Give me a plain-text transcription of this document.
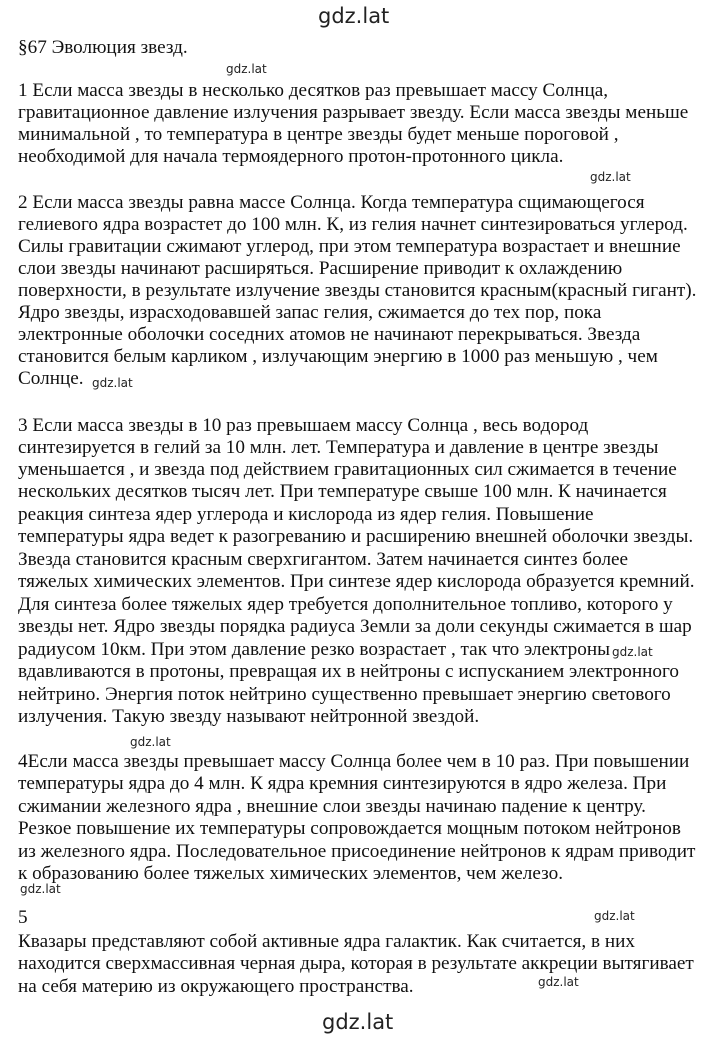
gdz.lat
gdz.lat
gdz.lat
gdz.lat
gdz.lat
gdz.lat
gdz.lat
gdz.lat
gdz.lat
gdz.lat
§67 Эволюция звезд.
1 Если масса звезды в несколько десятков раз превышает массу Солнца,
гравитационное давление излучения разрывает звезду. Если масса звезды меньше
минимальной , то температура в центре звезды будет меньше пороговой ,
необходимой для начала термоядерного протон-протонного цикла.
2 Если масса звезды равна массе Солнца. Когда температура сщимающегося
гелиевого ядра возрастет до 100 млн. К, из гелия начнет синтезироваться углерод.
Силы гравитации сжимают углерод, при этом температура возрастает и внешние
слои звезды начинают расширяться. Расширение приводит к охлаждению
поверхности, в результате излучение звезды становится красным(красный гигант).
Ядро звезды, израсходовавшей запас гелия, сжимается до тех пор, пока
электронные оболочки соседних атомов не начинают перекрываться. Звезда
становится белым карликом , излучающим энергию в 1000 раз меньшую , чем
Солнце.
3 Если масса звезды в 10 раз превышаем массу Солнца , весь водород
синтезируется в гелий за 10 млн. лет. Температура и давление в центре звезды
уменьшается , и звезда под действием гравитационных сил сжимается в течение
нескольких десятков тысяч лет. При температуре свыше 100 млн. К начинается
реакция синтеза ядер углерода и кислорода из ядер гелия. Повышение
температуры ядра ведет к разогреванию и расширению внешней оболочки звезды.
Звезда становится красным сверхгигантом. Затем начинается синтез более
тяжелых химических элементов. При синтезе ядер кислорода образуется кремний.
Для синтеза более тяжелых ядер требуется дополнительное топливо, которого у
звезды нет. Ядро звезды порядка радиуса Земли за доли секунды сжимается в шар
радиусом 10км. При этом давление резко возрастает , так что электроны
вдавливаются в протоны, превращая их в нейтроны с испусканием электронного
нейтрино. Энергия поток нейтрино существенно превышает энергию светового
излучения. Такую звезду называют нейтронной звездой.
4Если масса звезды превышает массу Солнца более чем в 10 раз. При повышении
температуры ядра до 4 млн. К ядра кремния синтезируются в ядро железа. При
сжимании железного ядра , внешние слои звезды начинаю падение к центру.
Резкое повышение их температуры сопровождается мощным потоком нейтронов
из железного ядра. Последовательное присоединение нейтронов к ядрам приводит
к обрaзованию более тяжелых химических элементов, чем железо.
5
Квазары представляют собой активные ядра галактик. Как считается, в них
находится сверхмассивная черная дыра, которая в результате аккреции вытягивает
на себя материю из окружающего пространства.
